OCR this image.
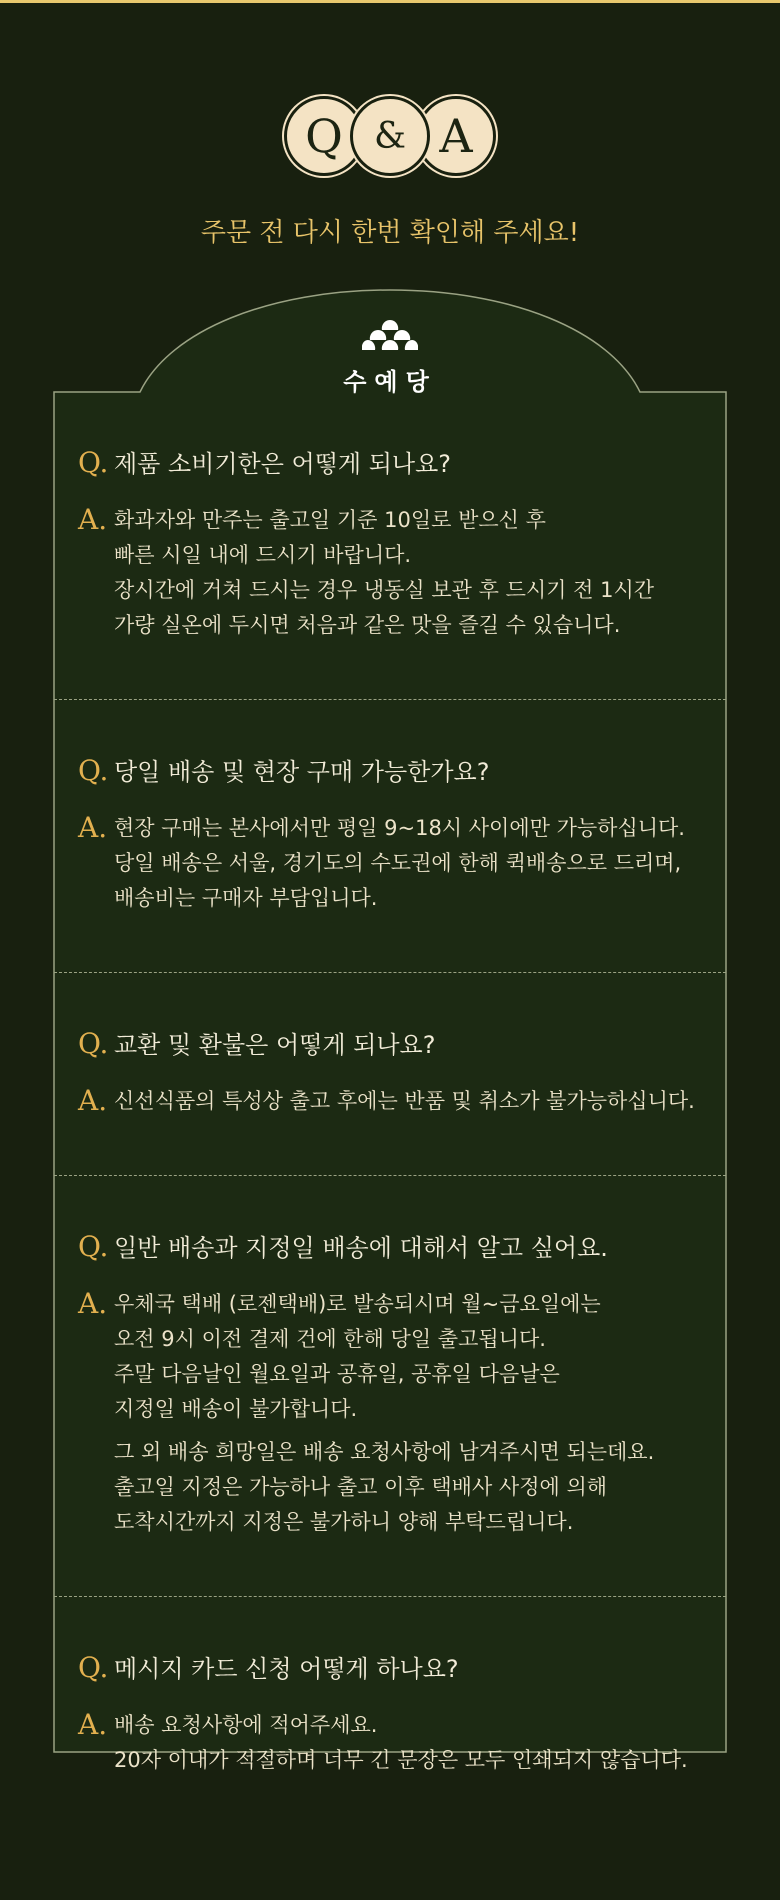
Q & A
주문 전 다시 한번 확인해 주세요!
수예당
Q. 제품 소비기한은 어떻게 되나요?
A. 화과자와 만주는 출고일 기준 10일로 받으신 후

빠른 시일 내에 드시기 바랍니다.

장시간에 거쳐 드시는 경우 냉동실 보관 후 드시기 전 1시간

가량 실온에 두시면 처음과 같은 맛을 즐길 수 있습니다.

Q. 당일 배송 및 현장 구매 가능한가요?
A. 현장 구매는 본사에서만 평일 9~18시 사이에만 가능하십니다.

당일 배송은 서울, 경기도의 수도권에 한해 퀵배송으로 드리며,

배송비는 구매자 부담입니다.

Q. 교환 및 환불은 어떻게 되나요?
A. 신선식품의 특성상 출고 후에는 반품 및 취소가 불가능하십니다.

Q. 일반 배송과 지정일 배송에 대해서 알고 싶어요.
A. 우체국 택배 (로젠택배)로 발송되시며 월~금요일에는

오전 9시 이전 결제 건에 한해 당일 출고됩니다.

주말 다음날인 월요일과 공휴일, 공휴일 다음날은

지정일 배송이 불가합니다.

그 외 배송 희망일은 배송 요청사항에 남겨주시면 되는데요.

출고일 지정은 가능하나 출고 이후 택배사 사정에 의해

도착시간까지 지정은 불가하니 양해 부탁드립니다.

Q. 메시지 카드 신청 어떻게 하나요?
A. 배송 요청사항에 적어주세요.

20자 이내가 적절하며 너무 긴 문장은 모두 인쇄되지 않습니다.
